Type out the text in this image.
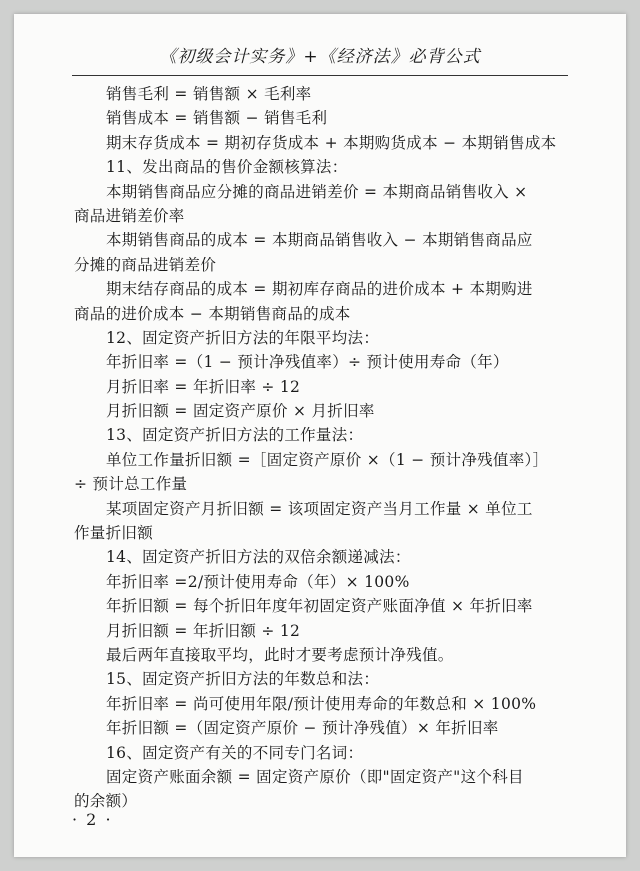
《初级会计实务》+《经济法》必背公式
销售毛利 = 销售额 × 毛利率
销售成本 = 销售额 − 销售毛利
期末存货成本 = 期初存货成本 + 本期购货成本 − 本期销售成本
11、发出商品的售价金额核算法：
本期销售商品应分摊的商品进销差价 = 本期商品销售收入 ×
商品进销差价率
本期销售商品的成本 = 本期商品销售收入 − 本期销售商品应
分摊的商品进销差价
期末结存商品的成本 = 期初库存商品的进价成本 + 本期购进
商品的进价成本 − 本期销售商品的成本
12、固定资产折旧方法的年限平均法：
年折旧率 =（1 − 预计净残值率）÷ 预计使用寿命（年）
月折旧率 = 年折旧率 ÷ 12
月折旧额 = 固定资产原价 × 月折旧率
13、固定资产折旧方法的工作量法：
单位工作量折旧额 =［固定资产原价 ×（1 − 预计净残值率）］
÷ 预计总工作量
某项固定资产月折旧额 = 该项固定资产当月工作量 × 单位工
作量折旧额
14、固定资产折旧方法的双倍余额递减法：
年折旧率 =2/预计使用寿命（年）× 100%
年折旧额 = 每个折旧年度年初固定资产账面净值 × 年折旧率
月折旧额 = 年折旧额 ÷ 12
最后两年直接取平均，此时才要考虑预计净残值。
15、固定资产折旧方法的年数总和法：
年折旧率 = 尚可使用年限/预计使用寿命的年数总和 × 100%
年折旧额 =（固定资产原价 − 预计净残值）× 年折旧率
16、固定资产有关的不同专门名词：
固定资产账面余额 = 固定资产原价（即"固定资产"这个科目
的余额）
· 2 ·
